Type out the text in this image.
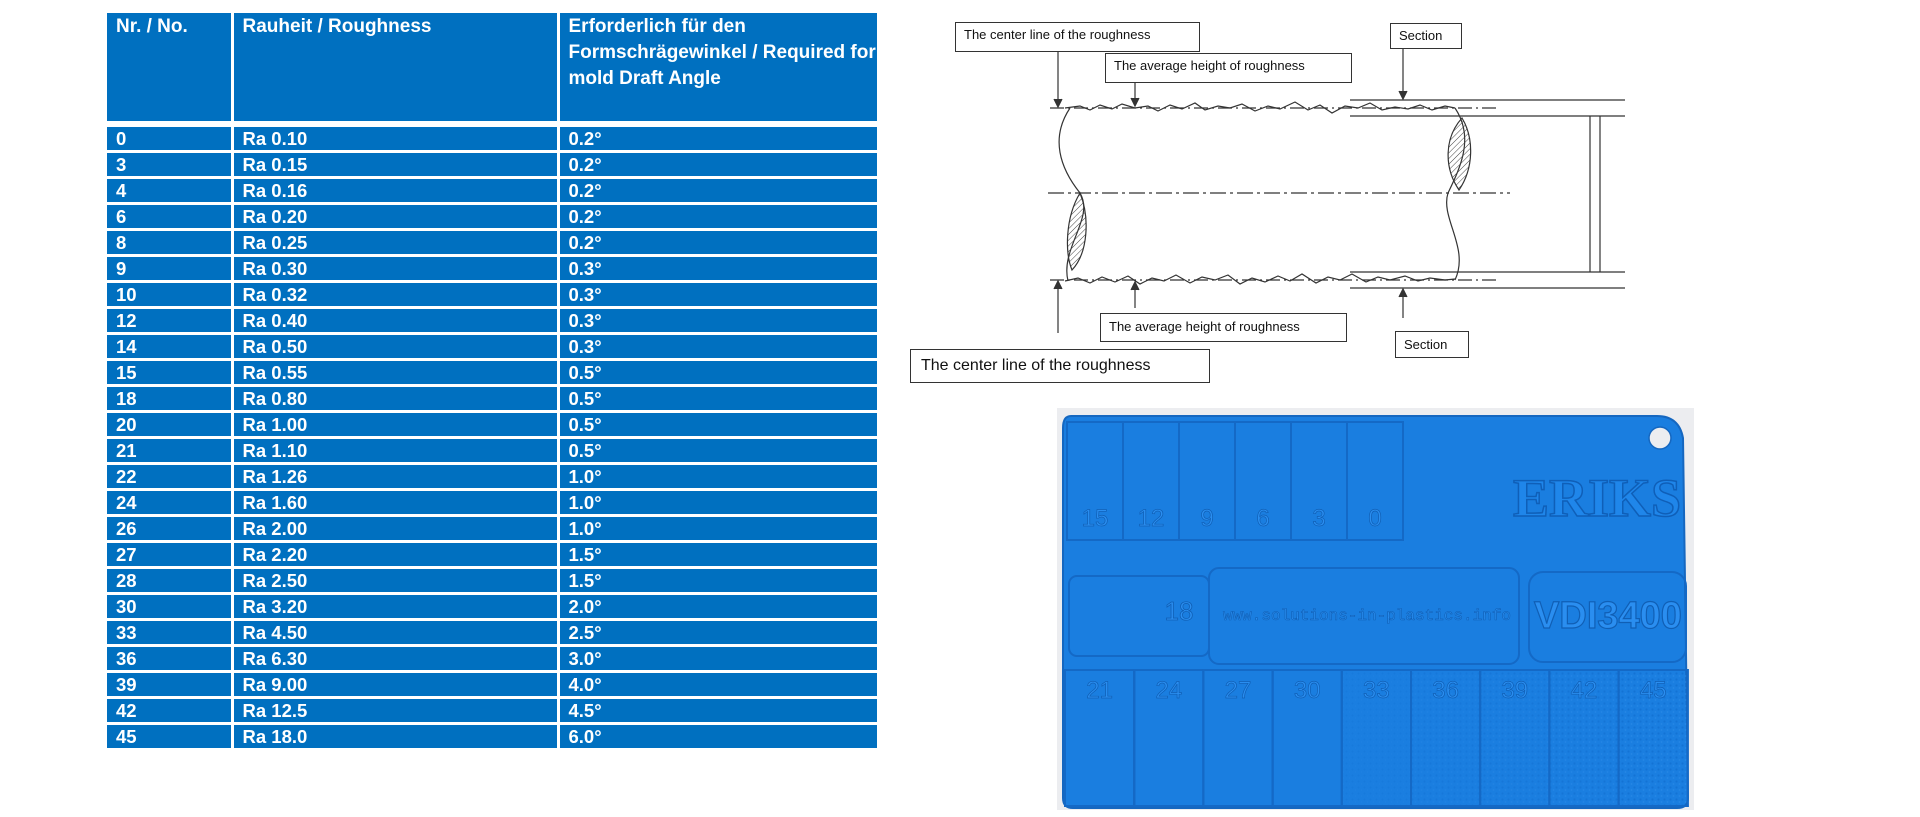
Nr. / No.	Rauheit / Roughness	Erforderlich für den Formschrägewinkel / Required for mold Draft Angle
0	Ra 0.10	0.2°
3	Ra 0.15	0.2°
4	Ra 0.16	0.2°
6	Ra 0.20	0.2°
8	Ra 0.25	0.2°
9	Ra 0.30	0.3°
10	Ra 0.32	0.3°
12	Ra 0.40	0.3°
14	Ra 0.50	0.3°
15	Ra 0.55	0.5°
18	Ra 0.80	0.5°
20	Ra 1.00	0.5°
21	Ra 1.10	0.5°
22	Ra 1.26	1.0°
24	Ra 1.60	1.0°
26	Ra 2.00	1.0°
27	Ra 2.20	1.5°
28	Ra 2.50	1.5°
30	Ra 3.20	2.0°
33	Ra 4.50	2.5°
36	Ra 6.30	3.0°
39	Ra 9.00	4.0°
42	Ra 12.5	4.5°
45	Ra 18.0	6.0°
The center line of the roughness
The average height of roughness
Section
The average height of roughness
Section
The center line of the roughness
ERIKS
www.solutions-in-plastics.info VDI3400
18
15 12 9 6 3 0
21 24 27 30 33 36 39 42 45
